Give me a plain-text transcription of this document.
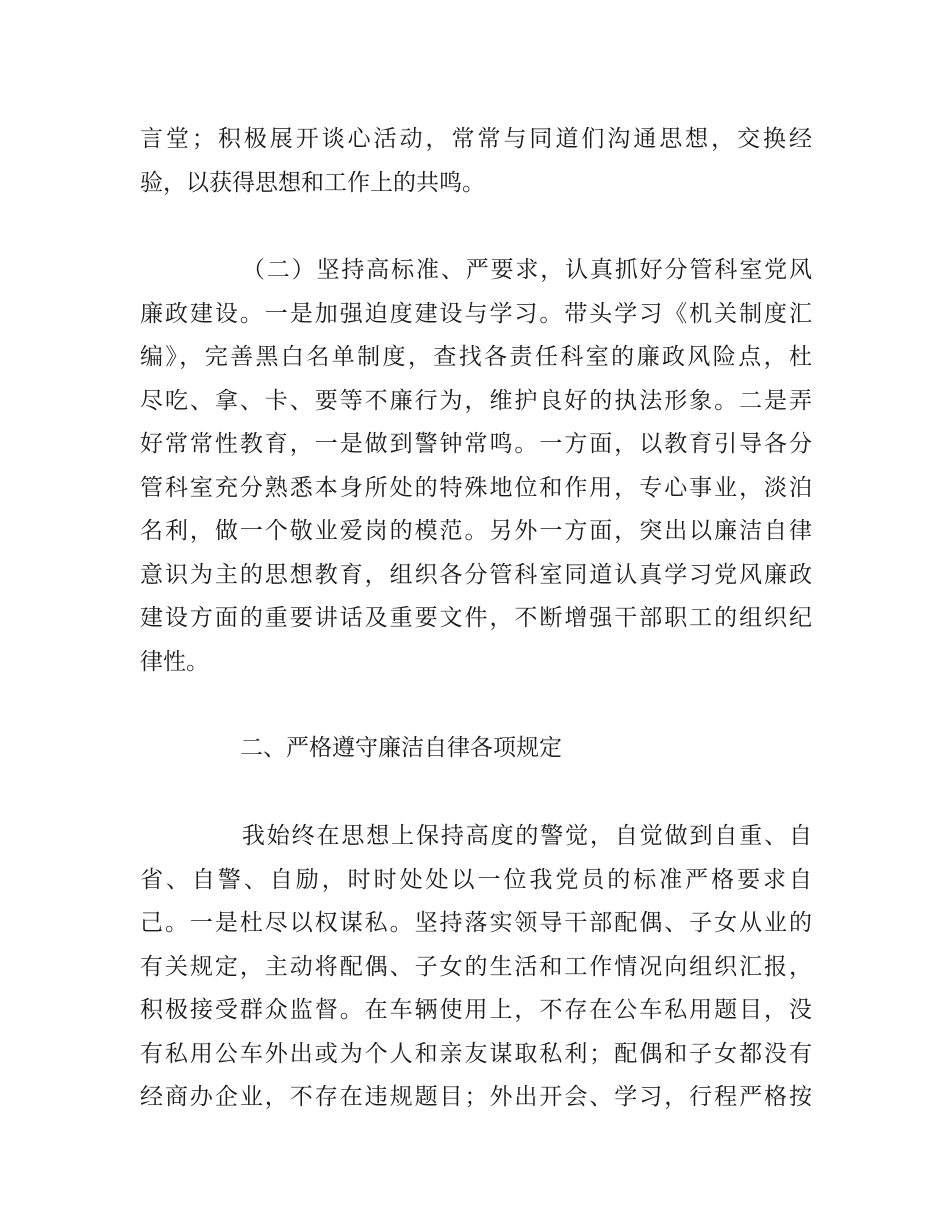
言堂；积极展开谈心活动，常常与同道们沟通思想，交换经
验，以获得思想和工作上的共鸣。
（二）坚持高标准、严要求，认真抓好分管科室党风
廉政建设。一是加强迫度建设与学习。带头学习《机关制度汇
编》，完善黑白名单制度，查找各责任科室的廉政风险点，杜
尽吃、拿、卡、要等不廉行为，维护良好的执法形象。二是弄
好常常性教育，一是做到警钟常鸣。一方面，以教育引导各分
管科室充分熟悉本身所处的特殊地位和作用，专心事业，淡泊
名利，做一个敬业爱岗的模范。另外一方面，突出以廉洁自律
意识为主的思想教育，组织各分管科室同道认真学习党风廉政
建设方面的重要讲话及重要文件，不断增强干部职工的组织纪
律性。
二、严格遵守廉洁自律各项规定
我始终在思想上保持高度的警觉，自觉做到自重、自
省、自警、自励，时时处处以一位我党员的标准严格要求自
己。一是杜尽以权谋私。坚持落实领导干部配偶、子女从业的
有关规定，主动将配偶、子女的生活和工作情况向组织汇报，
积极接受群众监督。在车辆使用上，不存在公车私用题目，没
有私用公车外出或为个人和亲友谋取私利；配偶和子女都没有
经商办企业，不存在违规题目；外出开会、学习，行程严格按
